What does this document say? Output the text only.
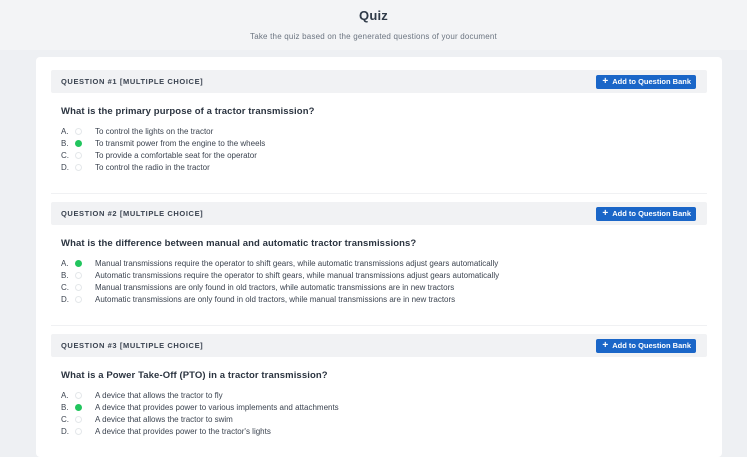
Quiz
Take the quiz based on the generated questions of your document
QUESTION #1 [MULTIPLE CHOICE]	+ Add to Question Bank
What is the primary purpose of a tractor transmission?
A.	To control the lights on the tractor
B.	To transmit power from the engine to the wheels
C.	To provide a comfortable seat for the operator
D.	To control the radio in the tractor
QUESTION #2 [MULTIPLE CHOICE]	+ Add to Question Bank
What is the difference between manual and automatic tractor transmissions?
A.	Manual transmissions require the operator to shift gears, while automatic transmissions adjust gears automatically
B.	Automatic transmissions require the operator to shift gears, while manual transmissions adjust gears automatically
C.	Manual transmissions are only found in old tractors, while automatic transmissions are in new tractors
D.	Automatic transmissions are only found in old tractors, while manual transmissions are in new tractors
QUESTION #3 [MULTIPLE CHOICE]	+ Add to Question Bank
What is a Power Take-Off (PTO) in a tractor transmission?
A.	A device that allows the tractor to fly
B.	A device that provides power to various implements and attachments
C.	A device that allows the tractor to swim
D.	A device that provides power to the tractor's lights
